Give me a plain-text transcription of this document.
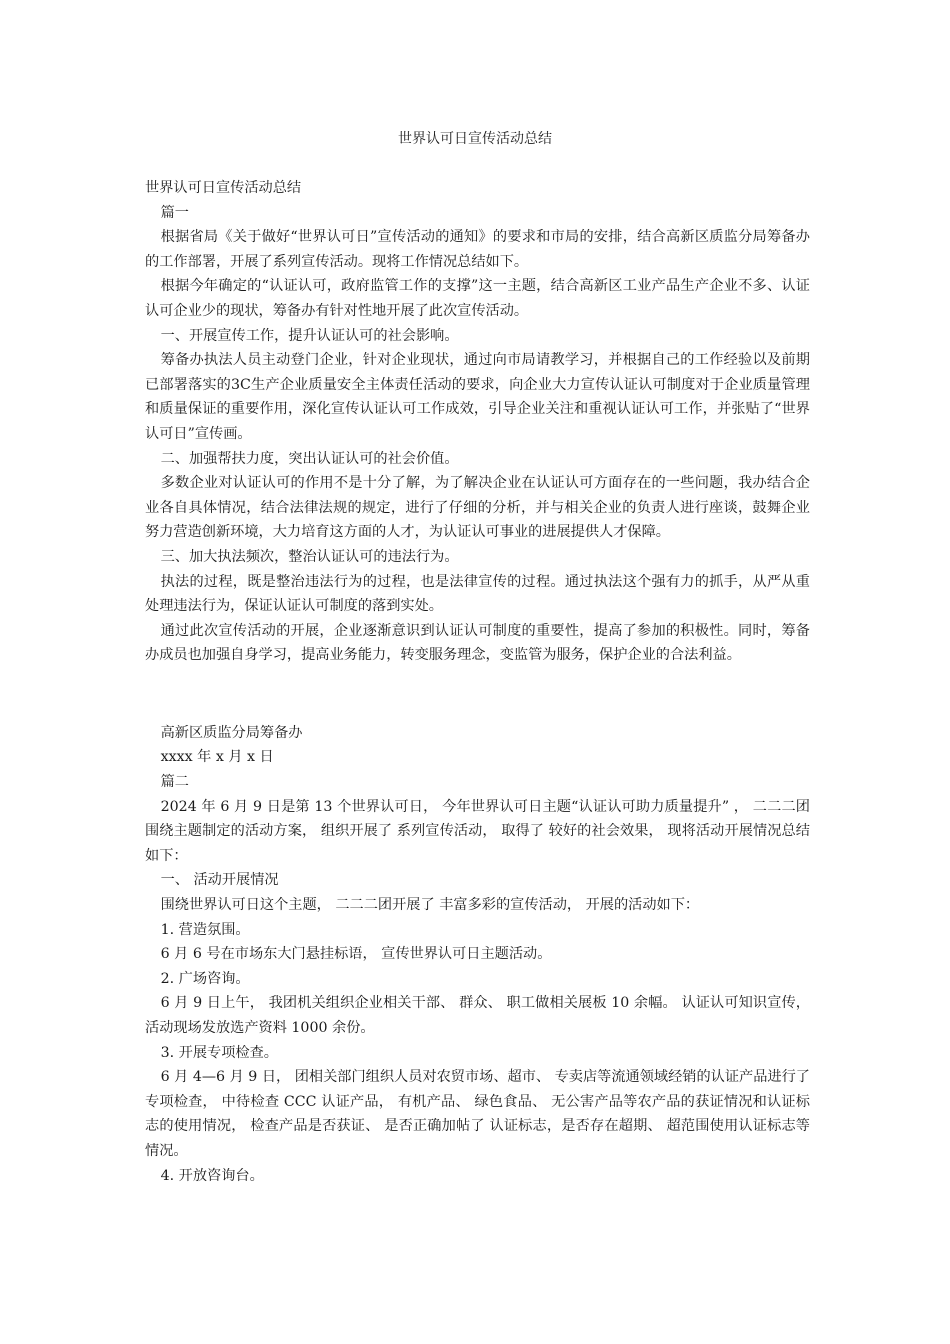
世界认可日宣传活动总结

世界认可日宣传活动总结

篇一

根据省局《关于做好“世界认可日”宣传活动的通知》的要求和市局的安排，结合高新区质监分局筹备办的工作部署，开展了系列宣传活动。现将工作情况总结如下。

根据今年确定的“认证认可，政府监管工作的支撑”这一主题，结合高新区工业产品生产企业不多、认证认可企业少的现状，筹备办有针对性地开展了此次宣传活动。

一、开展宣传工作，提升认证认可的社会影响。

筹备办执法人员主动登门企业，针对企业现状，通过向市局请教学习，并根据自己的工作经验以及前期已部署落实的3C生产企业质量安全主体责任活动的要求，向企业大力宣传认证认可制度对于企业质量管理和质量保证的重要作用，深化宣传认证认可工作成效，引导企业关注和重视认证认可工作，并张贴了“世界认可日”宣传画。

二、加强帮扶力度，突出认证认可的社会价值。

多数企业对认证认可的作用不是十分了解，为了解决企业在认证认可方面存在的一些问题，我办结合企业各自具体情况，结合法律法规的规定，进行了仔细的分析，并与相关企业的负责人进行座谈，鼓舞企业努力营造创新环境，大力培育这方面的人才，为认证认可事业的进展提供人才保障。

三、加大执法频次，整治认证认可的违法行为。

执法的过程，既是整治违法行为的过程，也是法律宣传的过程。通过执法这个强有力的抓手，从严从重处理违法行为，保证认证认可制度的落到实处。

通过此次宣传活动的开展，企业逐渐意识到认证认可制度的重要性，提高了参加的积极性。同时，筹备办成员也加强自身学习，提高业务能力，转变服务理念，变监管为服务，保护企业的合法利益。

高新区质监分局筹备办

xxxx 年 x 月 x 日

篇二

2024 年 6 月 9 日是第 13 个世界认可日， 今年世界认可日主题“认证认可助力质量提升” ， 二二二团围绕主题制定的活动方案， 组织开展了 系列宣传活动， 取得了 较好的社会效果， 现将活动开展情况总结如下：

一、 活动开展情况

围绕世界认可日这个主题， 二二二团开展了 丰富多彩的宣传活动， 开展的活动如下：

1. 营造氛围。

6 月 6 号在市场东大门悬挂标语， 宣传世界认可日主题活动。

2. 广场咨询。

6 月 9 日上午， 我团机关组织企业相关干部、 群众、 职工做相关展板 10 余幅。 认证认可知识宣传， 活动现场发放选产资料 1000 余份。

3. 开展专项检查。

6 月 4—6 月 9 日， 团相关部门组织人员对农贸市场、超市、 专卖店等流通领域经销的认证产品进行了 专项检查， 中待检查 CCC 认证产品， 有机产品、 绿色食品、 无公害产品等农产品的获证情况和认证标志的使用情况， 检查产品是否获证、 是否正确加帖了 认证标志，是否存在超期、 超范围使用认证标志等情况。

4. 开放咨询台。
